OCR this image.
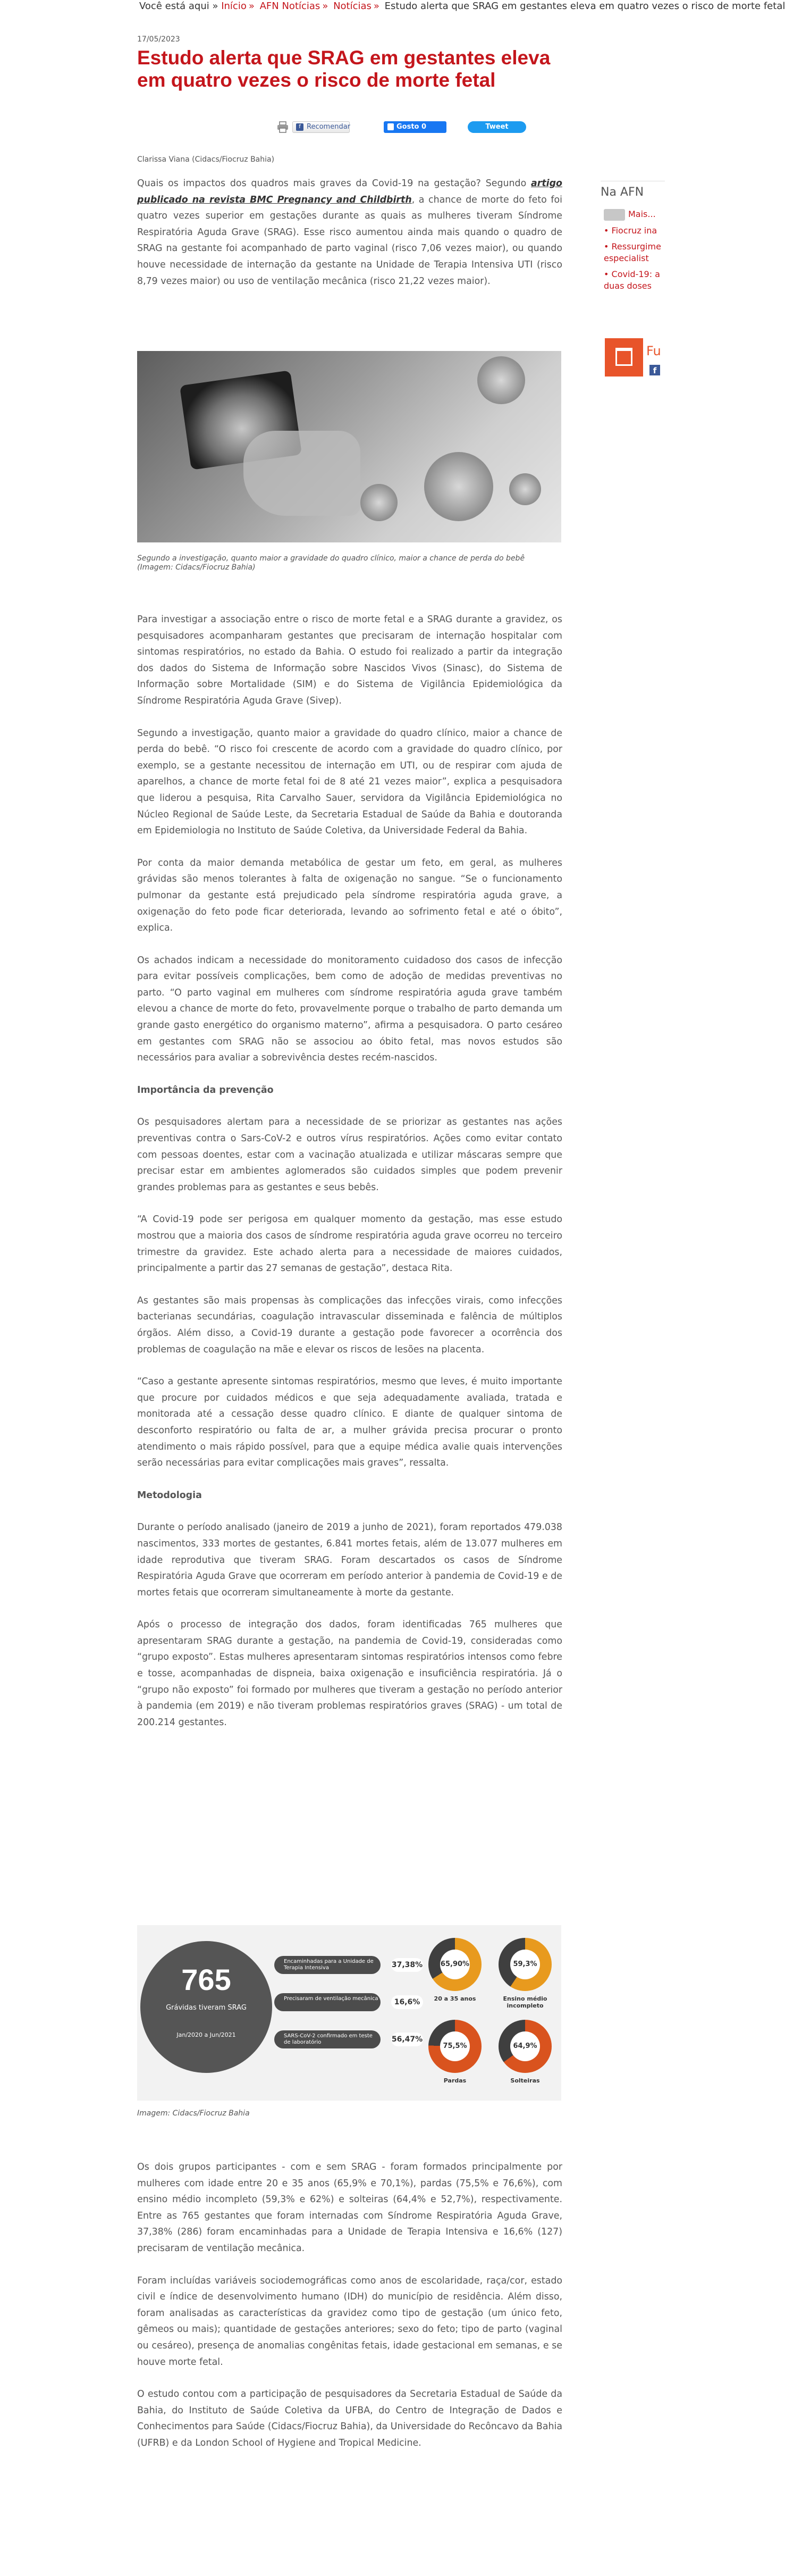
Você está aqui » Início » AFN Notícias » Notícias » Estudo alerta que SRAG em gestantes eleva em quatro vezes o risco de morte fetal
17/05/2023
Estudo alerta que SRAG em gestantes eleva em quatro vezes o risco de morte fetal
f Recomendar	Gosto 0	Tweet
Clarissa Viana (Cidacs/Fiocruz Bahia)

Quais os impactos dos quadros mais graves da Covid-19 na gestação? Segundo artigo publicado na revista BMC Pregnancy and Childbirth, a chance de morte do feto foi quatro vezes superior em gestações durante as quais as mulheres tiveram Síndrome Respiratória Aguda Grave (SRAG). Esse risco aumentou ainda mais quando o quadro de SRAG na gestante foi acompanhado de parto vaginal (risco 7,06 vezes maior), ou quando houve necessidade de internação da gestante na Unidade de Terapia Intensiva UTI (risco 8,79 vezes maior) ou uso de ventilação mecânica (risco 21,22 vezes maior).

Segundo a investigação, quanto maior a gravidade do quadro clínico, maior a chance de perda do bebê (Imagem: Cidacs/Fiocruz Bahia)

Para investigar a associação entre o risco de morte fetal e a SRAG durante a gravidez, os pesquisadores acompanharam gestantes que precisaram de internação hospitalar com sintomas respiratórios, no estado da Bahia. O estudo foi realizado a partir da integração dos dados do Sistema de Informação sobre Nascidos Vivos (Sinasc), do Sistema de Informação sobre Mortalidade (SIM) e do Sistema de Vigilância Epidemiológica da Síndrome Respiratória Aguda Grave (Sivep).

Segundo a investigação, quanto maior a gravidade do quadro clínico, maior a chance de perda do bebê. “O risco foi crescente de acordo com a gravidade do quadro clínico, por exemplo, se a gestante necessitou de internação em UTI, ou de respirar com ajuda de aparelhos, a chance de morte fetal foi de 8 até 21 vezes maior”, explica a pesquisadora que liderou a pesquisa, Rita Carvalho Sauer, servidora da Vigilância Epidemiológica no Núcleo Regional de Saúde Leste, da Secretaria Estadual de Saúde da Bahia e doutoranda em Epidemiologia no Instituto de Saúde Coletiva, da Universidade Federal da Bahia.

Por conta da maior demanda metabólica de gestar um feto, em geral, as mulheres grávidas são menos tolerantes à falta de oxigenação no sangue. “Se o funcionamento pulmonar da gestante está prejudicado pela síndrome respiratória aguda grave, a oxigenação do feto pode ficar deteriorada, levando ao sofrimento fetal e até o óbito”, explica.

Os achados indicam a necessidade do monitoramento cuidadoso dos casos de infecção para evitar possíveis complicações, bem como de adoção de medidas preventivas no parto. “O parto vaginal em mulheres com síndrome respiratória aguda grave também elevou a chance de morte do feto, provavelmente porque o trabalho de parto demanda um grande gasto energético do organismo materno”, afirma a pesquisadora. O parto cesáreo em gestantes com SRAG não se associou ao óbito fetal, mas novos estudos são necessários para avaliar a sobrevivência destes recém-nascidos.

Importância da prevenção

Os pesquisadores alertam para a necessidade de se priorizar as gestantes nas ações preventivas contra o Sars-CoV-2 e outros vírus respiratórios. Ações como evitar contato com pessoas doentes, estar com a vacinação atualizada e utilizar máscaras sempre que precisar estar em ambientes aglomerados são cuidados simples que podem prevenir grandes problemas para as gestantes e seus bebês.

“A Covid-19 pode ser perigosa em qualquer momento da gestação, mas esse estudo mostrou que a maioria dos casos de síndrome respiratória aguda grave ocorreu no terceiro trimestre da gravidez. Este achado alerta para a necessidade de maiores cuidados, principalmente a partir das 27 semanas de gestação”, destaca Rita.

As gestantes são mais propensas às complicações das infecções virais, como infecções bacterianas secundárias, coagulação intravascular disseminada e falência de múltiplos órgãos. Além disso, a Covid-19 durante a gestação pode favorecer a ocorrência dos problemas de coagulação na mãe e elevar os riscos de lesões na placenta.

“Caso a gestante apresente sintomas respiratórios, mesmo que leves, é muito importante que procure por cuidados médicos e que seja adequadamente avaliada, tratada e monitorada até a cessação desse quadro clínico. E diante de qualquer sintoma de desconforto respiratório ou falta de ar, a mulher grávida precisa procurar o pronto atendimento o mais rápido possível, para que a equipe médica avalie quais intervenções serão necessárias para evitar complicações mais graves”, ressalta.

Metodologia

Durante o período analisado (janeiro de 2019 a junho de 2021), foram reportados 479.038 nascimentos, 333 mortes de gestantes, 6.841 mortes fetais, além de 13.077 mulheres em idade reprodutiva que tiveram SRAG. Foram descartados os casos de Síndrome Respiratória Aguda Grave que ocorreram em período anterior à pandemia de Covid-19 e de mortes fetais que ocorreram simultaneamente à morte da gestante.

Após o processo de integração dos dados, foram identificadas 765 mulheres que apresentaram SRAG durante a gestação, na pandemia de Covid-19, consideradas como “grupo exposto”. Estas mulheres apresentaram sintomas respiratórios intensos como febre e tosse, acompanhadas de dispneia, baixa oxigenação e insuficiência respiratória. Já o “grupo não exposto” foi formado por mulheres que tiveram a gestação no período anterior à pandemia (em 2019) e não tiveram problemas respiratórios graves (SRAG) - um total de 200.214 gestantes.

765
Grávidas tiveram SRAG
Jan/2020 a Jun/2021
Encaminhadas para a Unidade de Terapia Intensiva	37,38%
Precisaram de ventilação mecânica	16,6%
SARS-CoV-2 confirmado em teste de laboratório	56,47%
65,90%
20 a 35 anos
59,3%
Ensino médio incompleto
75,5%
Pardas
64,9%
Solteiras
Imagem: Cidacs/Fiocruz Bahia

Os dois grupos participantes - com e sem SRAG - foram formados principalmente por mulheres com idade entre 20 e 35 anos (65,9% e 70,1%), pardas (75,5% e 76,6%), com ensino médio incompleto (59,3% e 62%) e solteiras (64,4% e 52,7%), respectivamente. Entre as 765 gestantes que foram internadas com Síndrome Respiratória Aguda Grave, 37,38% (286) foram encaminhadas para a Unidade de Terapia Intensiva e 16,6% (127) precisaram de ventilação mecânica.

Foram incluídas variáveis sociodemográficas como anos de escolaridade, raça/cor, estado civil e índice de desenvolvimento humano (IDH) do município de residência. Além disso, foram analisadas as características da gravidez como tipo de gestação (um único feto, gêmeos ou mais); quantidade de gestações anteriores; sexo do feto; tipo de parto (vaginal ou cesáreo), presença de anomalias congênitas fetais, idade gestacional em semanas, e se houve morte fetal.

O estudo contou com a participação de pesquisadores da Secretaria Estadual de Saúde da Bahia, do Instituto de Saúde Coletiva da UFBA, do Centro de Integração de Dados e Conhecimentos para Saúde (Cidacs/Fiocruz Bahia), da Universidade do Recôncavo da Bahia (UFRB) e da London School of Hygiene and Tropical Medicine.

Na AFN
Mais...
• Fiocruz ina
• Ressurgime
especialist
• Covid-19: a
duas doses
Fu
f
